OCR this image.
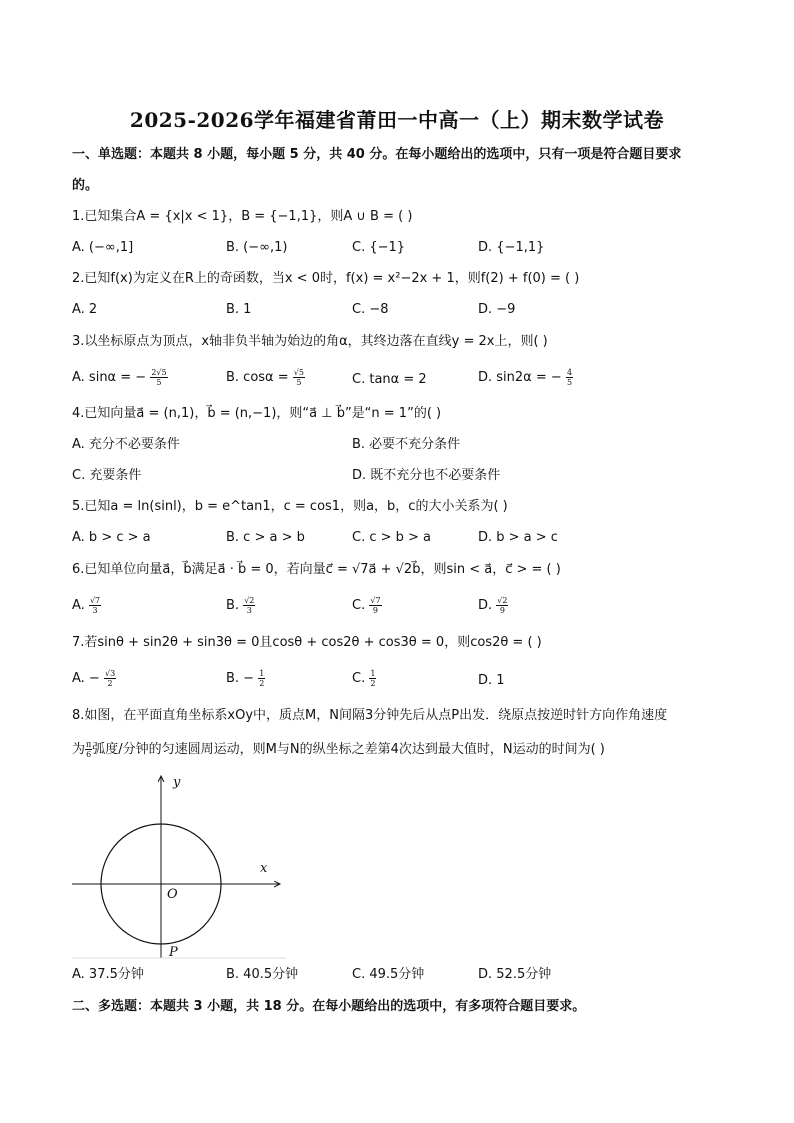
2025-2026学年福建省莆田一中高一（上）期末数学试卷
一、单选题：本题共 8 小题，每小题 5 分，共 40 分。在每小题给出的选项中，只有一项是符合题目要求
的。
1.已知集合A = {x|x < 1}，B = {−1,1}，则A ∪ B = ( )
A. (−∞,1]	B. (−∞,1)	C. {−1}	D. {−1,1}
2.已知f(x)为定义在R上的奇函数，当x < 0时，f(x) = x²−2x + 1，则f(2) + f(0) = ( )
A. 2	B. 1	C. −8	D. −9
3.以坐标原点为顶点，x轴非负半轴为始边的角α，其终边落在直线y = 2x上，则( )
A. sinα = − $\frac{2√5}{5}$	B. $\cos\alpha = \frac{√5}{5}$	C. tanα = 2	D. sin2α = − $\frac{4}{5}$
4.已知向量a⃗ = (n,1)，b⃗ = (n,−1)，则“a⃗ ⊥ b⃗”是“n = 1”的( )
A. 充分不必要条件	B. 必要不充分条件
C. 充要条件	D. 既不充分也不必要条件
5.已知a = ln(sinl)，b = e^tan1，c = cos1，则a，b，c的大小关系为( )
A. b > c > a	B. c > a > b	C. c > b > a	D. b > a > c
6.已知单位向量a⃗，b⃗满足a⃗ · b⃗ = 0，若向量c⃗ = √7a⃗ + √2b⃗，则sin < a⃗，c⃗ > = ( )
A. $\frac{√7}{3}$	B. $\frac{√2}{3}$	C. $\frac{√7}{9}$	D. $\frac{√2}{9}$
7.若sinθ + sin2θ + sin3θ = 0且cosθ + cos2θ + cos3θ = 0，则cos2θ = ( )
A. − $\frac{√3}{2}$	B. − $\frac{1}{2}$	C. $\frac{1}{2}$	D. 1
8.如图，在平面直角坐标系xOy中，质点M，N间隔3分钟先后从点P出发．绕原点按逆时针方向作角速度
为 $\frac{\pi}{6}$ 弧度/分钟的匀速圆周运动，则M与N的纵坐标之差第4次达到最大值时，N运动的时间为( )
x
y
O
P
A. 37.5分钟	B. 40.5分钟	C. 49.5分钟	D. 52.5分钟
二、多选题：本题共 3 小题，共 18 分。在每小题给出的选项中，有多项符合题目要求。
